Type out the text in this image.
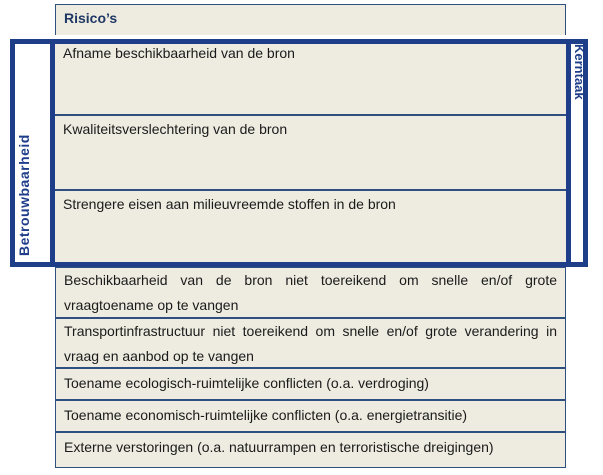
Risico’s
Afname beschikbaarheid van de bron
Kwaliteitsverslechtering van de bron
Strengere eisen aan milieuvreemde stoffen in de bron
Betrouwbaarheid
Kerntaak
Beschikbaarheid van de bron niet toereikend om snelle en/of grote vraagtoename op te vangen
Transportinfrastructuur niet toereikend om snelle en/of grote verandering in vraag en aanbod op te vangen
Toename ecologisch-ruimtelijke conflicten (o.a. verdroging)
Toename economisch-ruimtelijke conflicten (o.a. energietransitie)
Externe verstoringen (o.a. natuurrampen en terroristische dreigingen)
